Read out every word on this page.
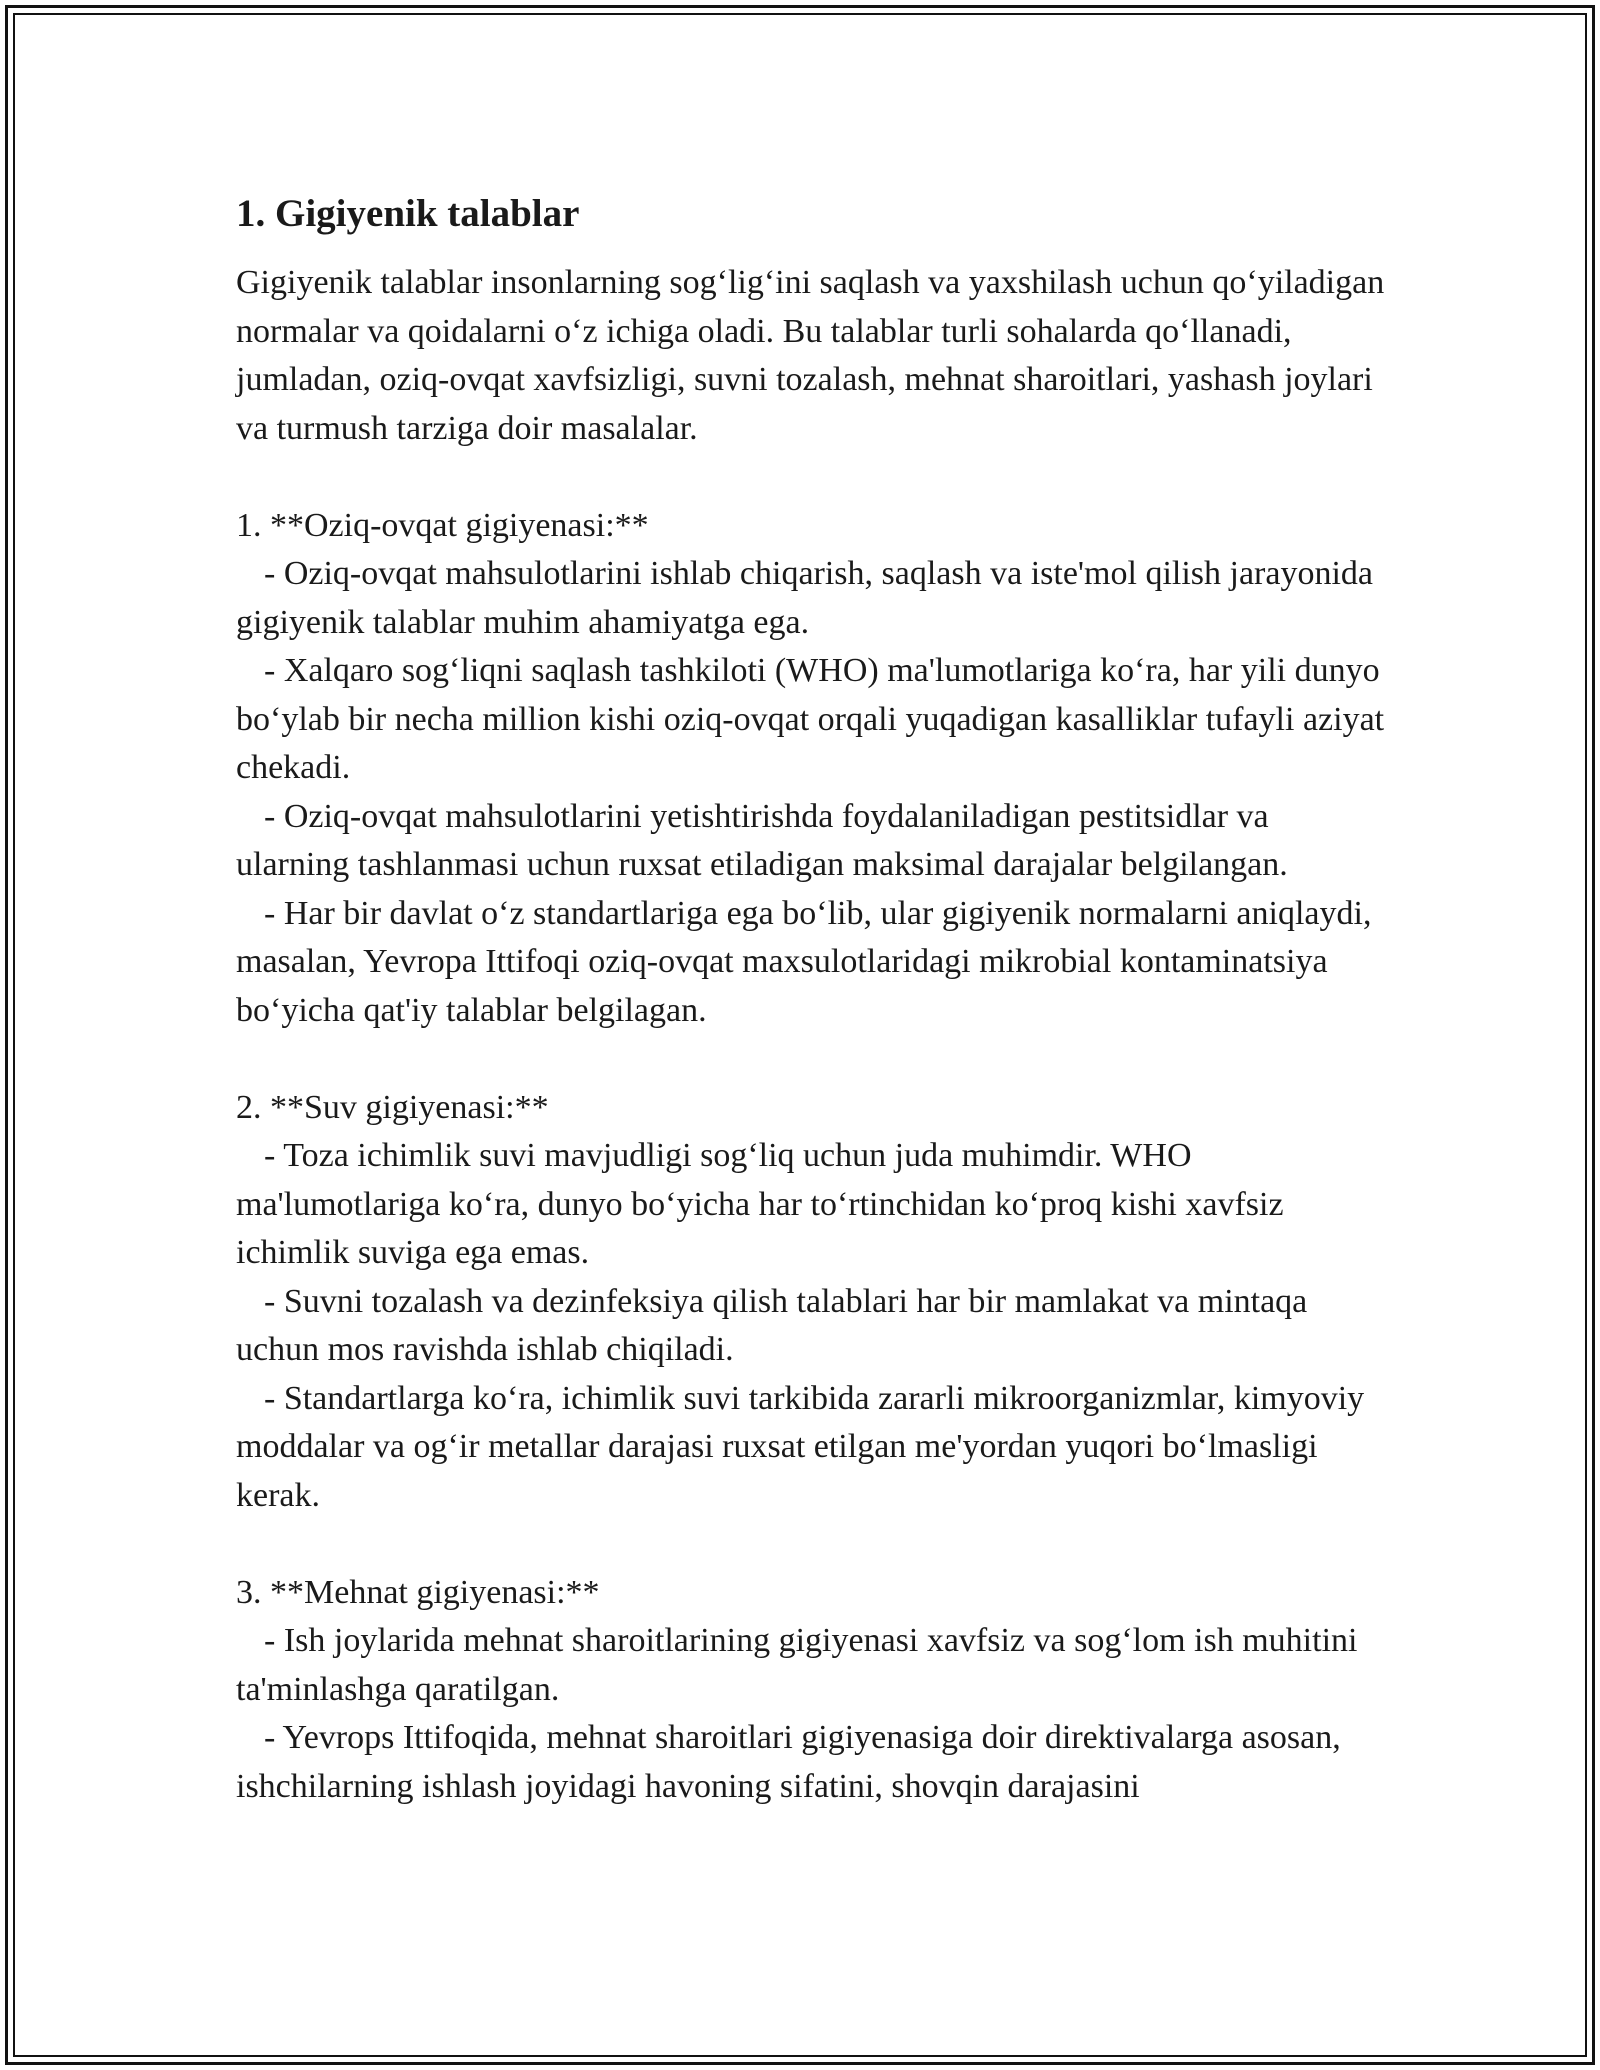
1. Gigiyenik talablar

Gigiyenik talablar insonlarning sog‘lig‘ini saqlash va yaxshilash uchun qo‘yiladigan normalar va qoidalarni o‘z ichiga oladi. Bu talablar turli sohalarda qo‘llanadi, jumladan, oziq-ovqat xavfsizligi, suvni tozalash, mehnat sharoitlari, yashash joylari va turmush tarziga doir masalalar.

1. **Oziq-ovqat gigiyenasi:**

- Oziq-ovqat mahsulotlarini ishlab chiqarish, saqlash va iste'mol qilish jarayonida gigiyenik talablar muhim ahamiyatga ega.

- Xalqaro sog‘liqni saqlash tashkiloti (WHO) ma'lumotlariga ko‘ra, har yili dunyo bo‘ylab bir necha million kishi oziq-ovqat orqali yuqadigan kasalliklar tufayli aziyat chekadi.

- Oziq-ovqat mahsulotlarini yetishtirishda foydalaniladigan pestitsidlar va ularning tashlanmasi uchun ruxsat etiladigan maksimal darajalar belgilangan.

- Har bir davlat o‘z standartlariga ega bo‘lib, ular gigiyenik normalarni aniqlaydi, masalan, Yevropa Ittifoqi oziq-ovqat maxsulotlaridagi mikrobial kontaminatsiya bo‘yicha qat'iy talablar belgilagan.

2. **Suv gigiyenasi:**

- Toza ichimlik suvi mavjudligi sog‘liq uchun juda muhimdir. WHO ma'lumotlariga ko‘ra, dunyo bo‘yicha har to‘rtinchidan ko‘proq kishi xavfsiz ichimlik suviga ega emas.

- Suvni tozalash va dezinfeksiya qilish talablari har bir mamlakat va mintaqa uchun mos ravishda ishlab chiqiladi.

- Standartlarga ko‘ra, ichimlik suvi tarkibida zararli mikroorganizmlar, kimyoviy moddalar va og‘ir metallar darajasi ruxsat etilgan me'yordan yuqori bo‘lmasligi kerak.

3. **Mehnat gigiyenasi:**

- Ish joylarida mehnat sharoitlarining gigiyenasi xavfsiz va sog‘lom ish muhitini ta'minlashga qaratilgan.

- Yevrops Ittifoqida, mehnat sharoitlari gigiyenasiga doir direktivalarga asosan, ishchilarning ishlash joyidagi havoning sifatini, shovqin darajasini
